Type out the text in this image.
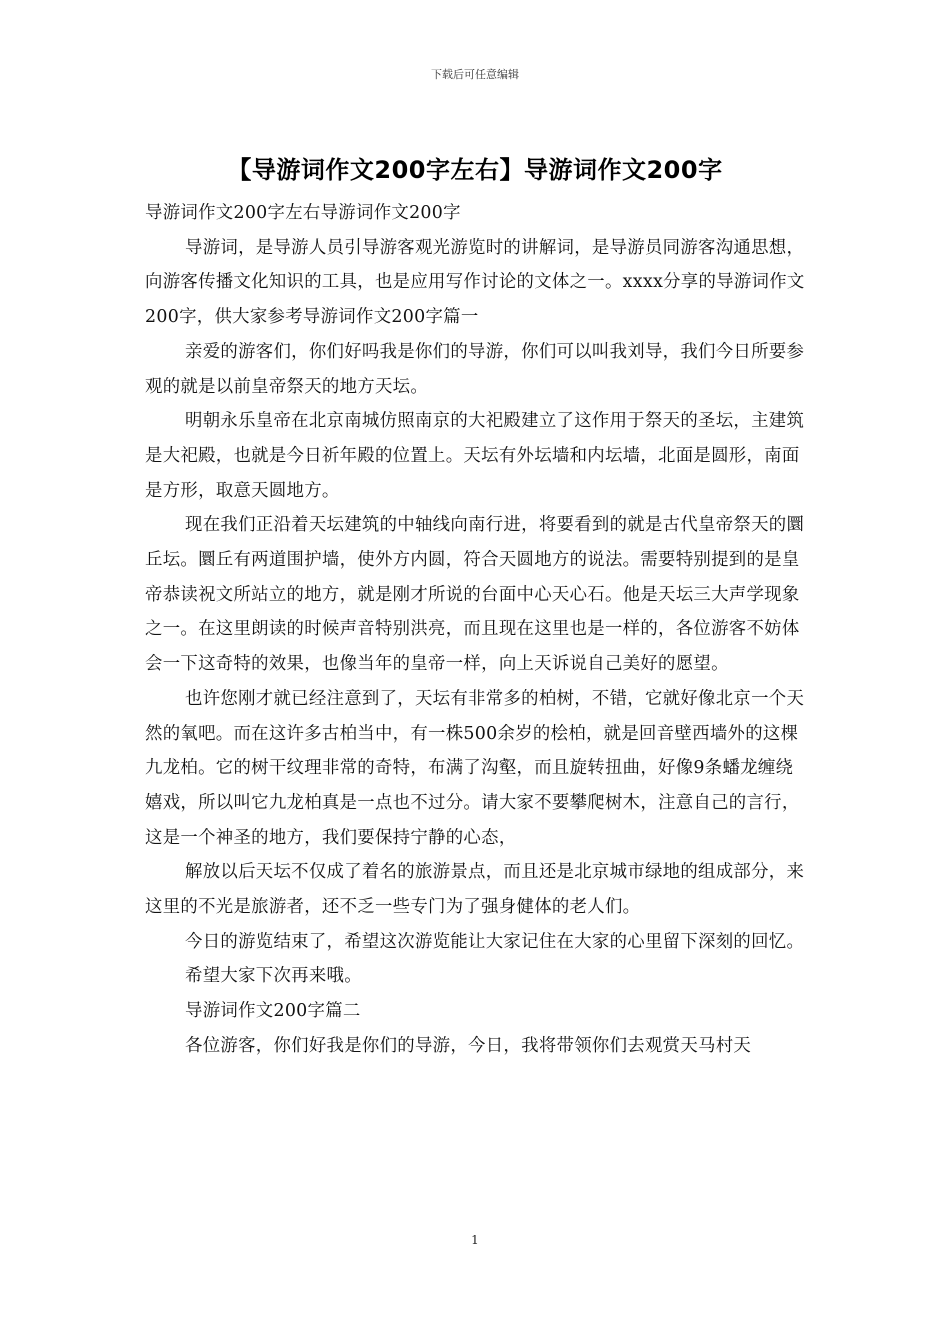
下载后可任意编辑
【导游词作文200字左右】导游词作文200字

导游词作文200字左右导游词作文200字

导游词，是导游人员引导游客观光游览时的讲解词，是导游员同游客沟通思想，向游客传播文化知识的工具，也是应用写作讨论的文体之一。xxxx分享的导游词作文200字，供大家参考导游词作文200字篇一

亲爱的游客们，你们好吗我是你们的导游，你们可以叫我刘导，我们今日所要参观的就是以前皇帝祭天的地方天坛。

明朝永乐皇帝在北京南城仿照南京的大祀殿建立了这作用于祭天的圣坛，主建筑是大祀殿，也就是今日祈年殿的位置上。天坛有外坛墙和内坛墙，北面是圆形，南面是方形，取意天圆地方。

现在我们正沿着天坛建筑的中轴线向南行进，将要看到的就是古代皇帝祭天的圜丘坛。圜丘有两道围护墙，使外方内圆，符合天圆地方的说法。需要特别提到的是皇帝恭读祝文所站立的地方，就是刚才所说的台面中心天心石。他是天坛三大声学现象之一。在这里朗读的时候声音特别洪亮，而且现在这里也是一样的，各位游客不妨体会一下这奇特的效果，也像当年的皇帝一样，向上天诉说自己美好的愿望。

也许您刚才就已经注意到了，天坛有非常多的柏树，不错，它就好像北京一个天然的氧吧。而在这许多古柏当中，有一株500余岁的桧柏，就是回音壁西墙外的这棵九龙柏。它的树干纹理非常的奇特，布满了沟壑，而且旋转扭曲，好像9条蟠龙缠绕嬉戏，所以叫它九龙柏真是一点也不过分。请大家不要攀爬树木，注意自己的言行，这是一个神圣的地方，我们要保持宁静的心态，

解放以后天坛不仅成了着名的旅游景点，而且还是北京城市绿地的组成部分，来这里的不光是旅游者，还不乏一些专门为了强身健体的老人们。

今日的游览结束了，希望这次游览能让大家记住在大家的心里留下深刻的回忆。

希望大家下次再来哦。

导游词作文200字篇二

各位游客，你们好我是你们的导游，今日，我将带领你们去观赏天马村天

1
